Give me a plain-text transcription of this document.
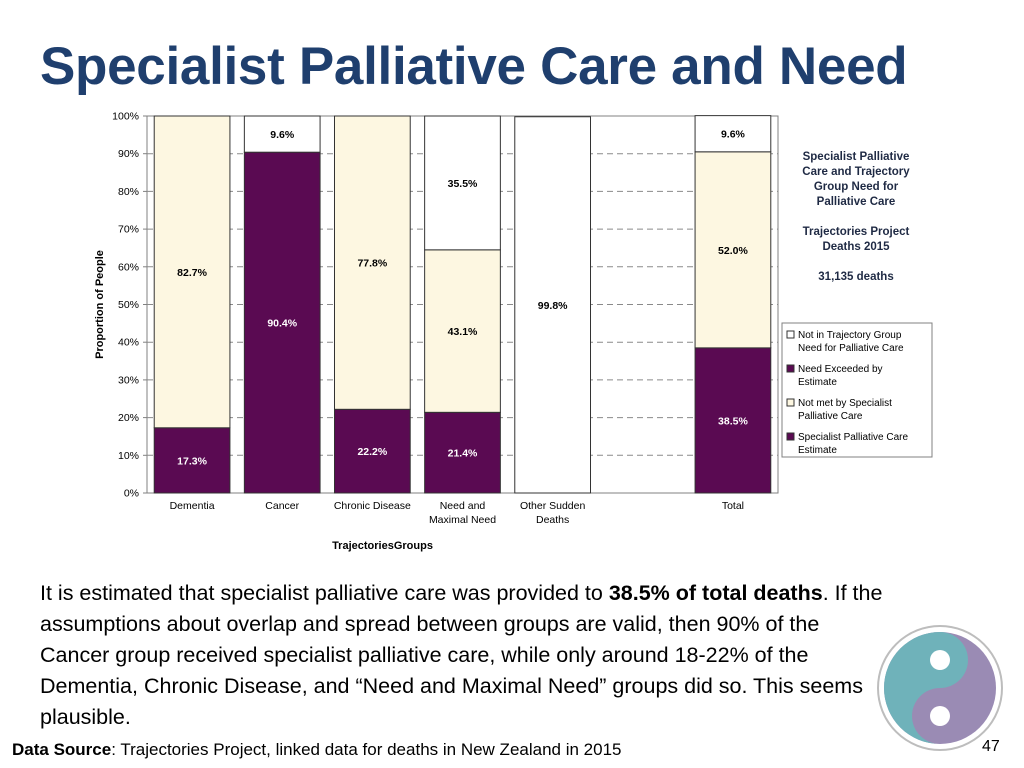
Specialist Palliative Care and Need
0%
10%
20%
30%
40%
50%
60%
70%
80%
90%
100%
17.3%
82.7%
Dementia
90.4%
9.6%
Cancer
22.2%
77.8%
Chronic Disease
21.4%
43.1%
35.5%
Need and
Maximal Need
99.8%
Other Sudden
Deaths
38.5%
52.0%
9.6%
Total
TrajectoriesGroups
Proportion of People
Specialist Palliative
Care and Trajectory
Group Need for
Palliative Care
Trajectories Project
Deaths 2015
31,135 deaths
Not in Trajectory Group
Need for Palliative Care
Need Exceeded by
Estimate
Not met by Specialist
Palliative Care
Specialist Palliative Care
Estimate

It is estimated that specialist palliative care was provided to 38.5% of total deaths. If the assumptions about overlap and spread between groups are valid, then 90% of the Cancer group received specialist palliative care, while only around 18-22% of the Dementia, Chronic Disease, and “Need and Maximal Need” groups did so. This seems plausible.

Data Source: Trajectories Project, linked data for deaths in New Zealand in 2015	47
